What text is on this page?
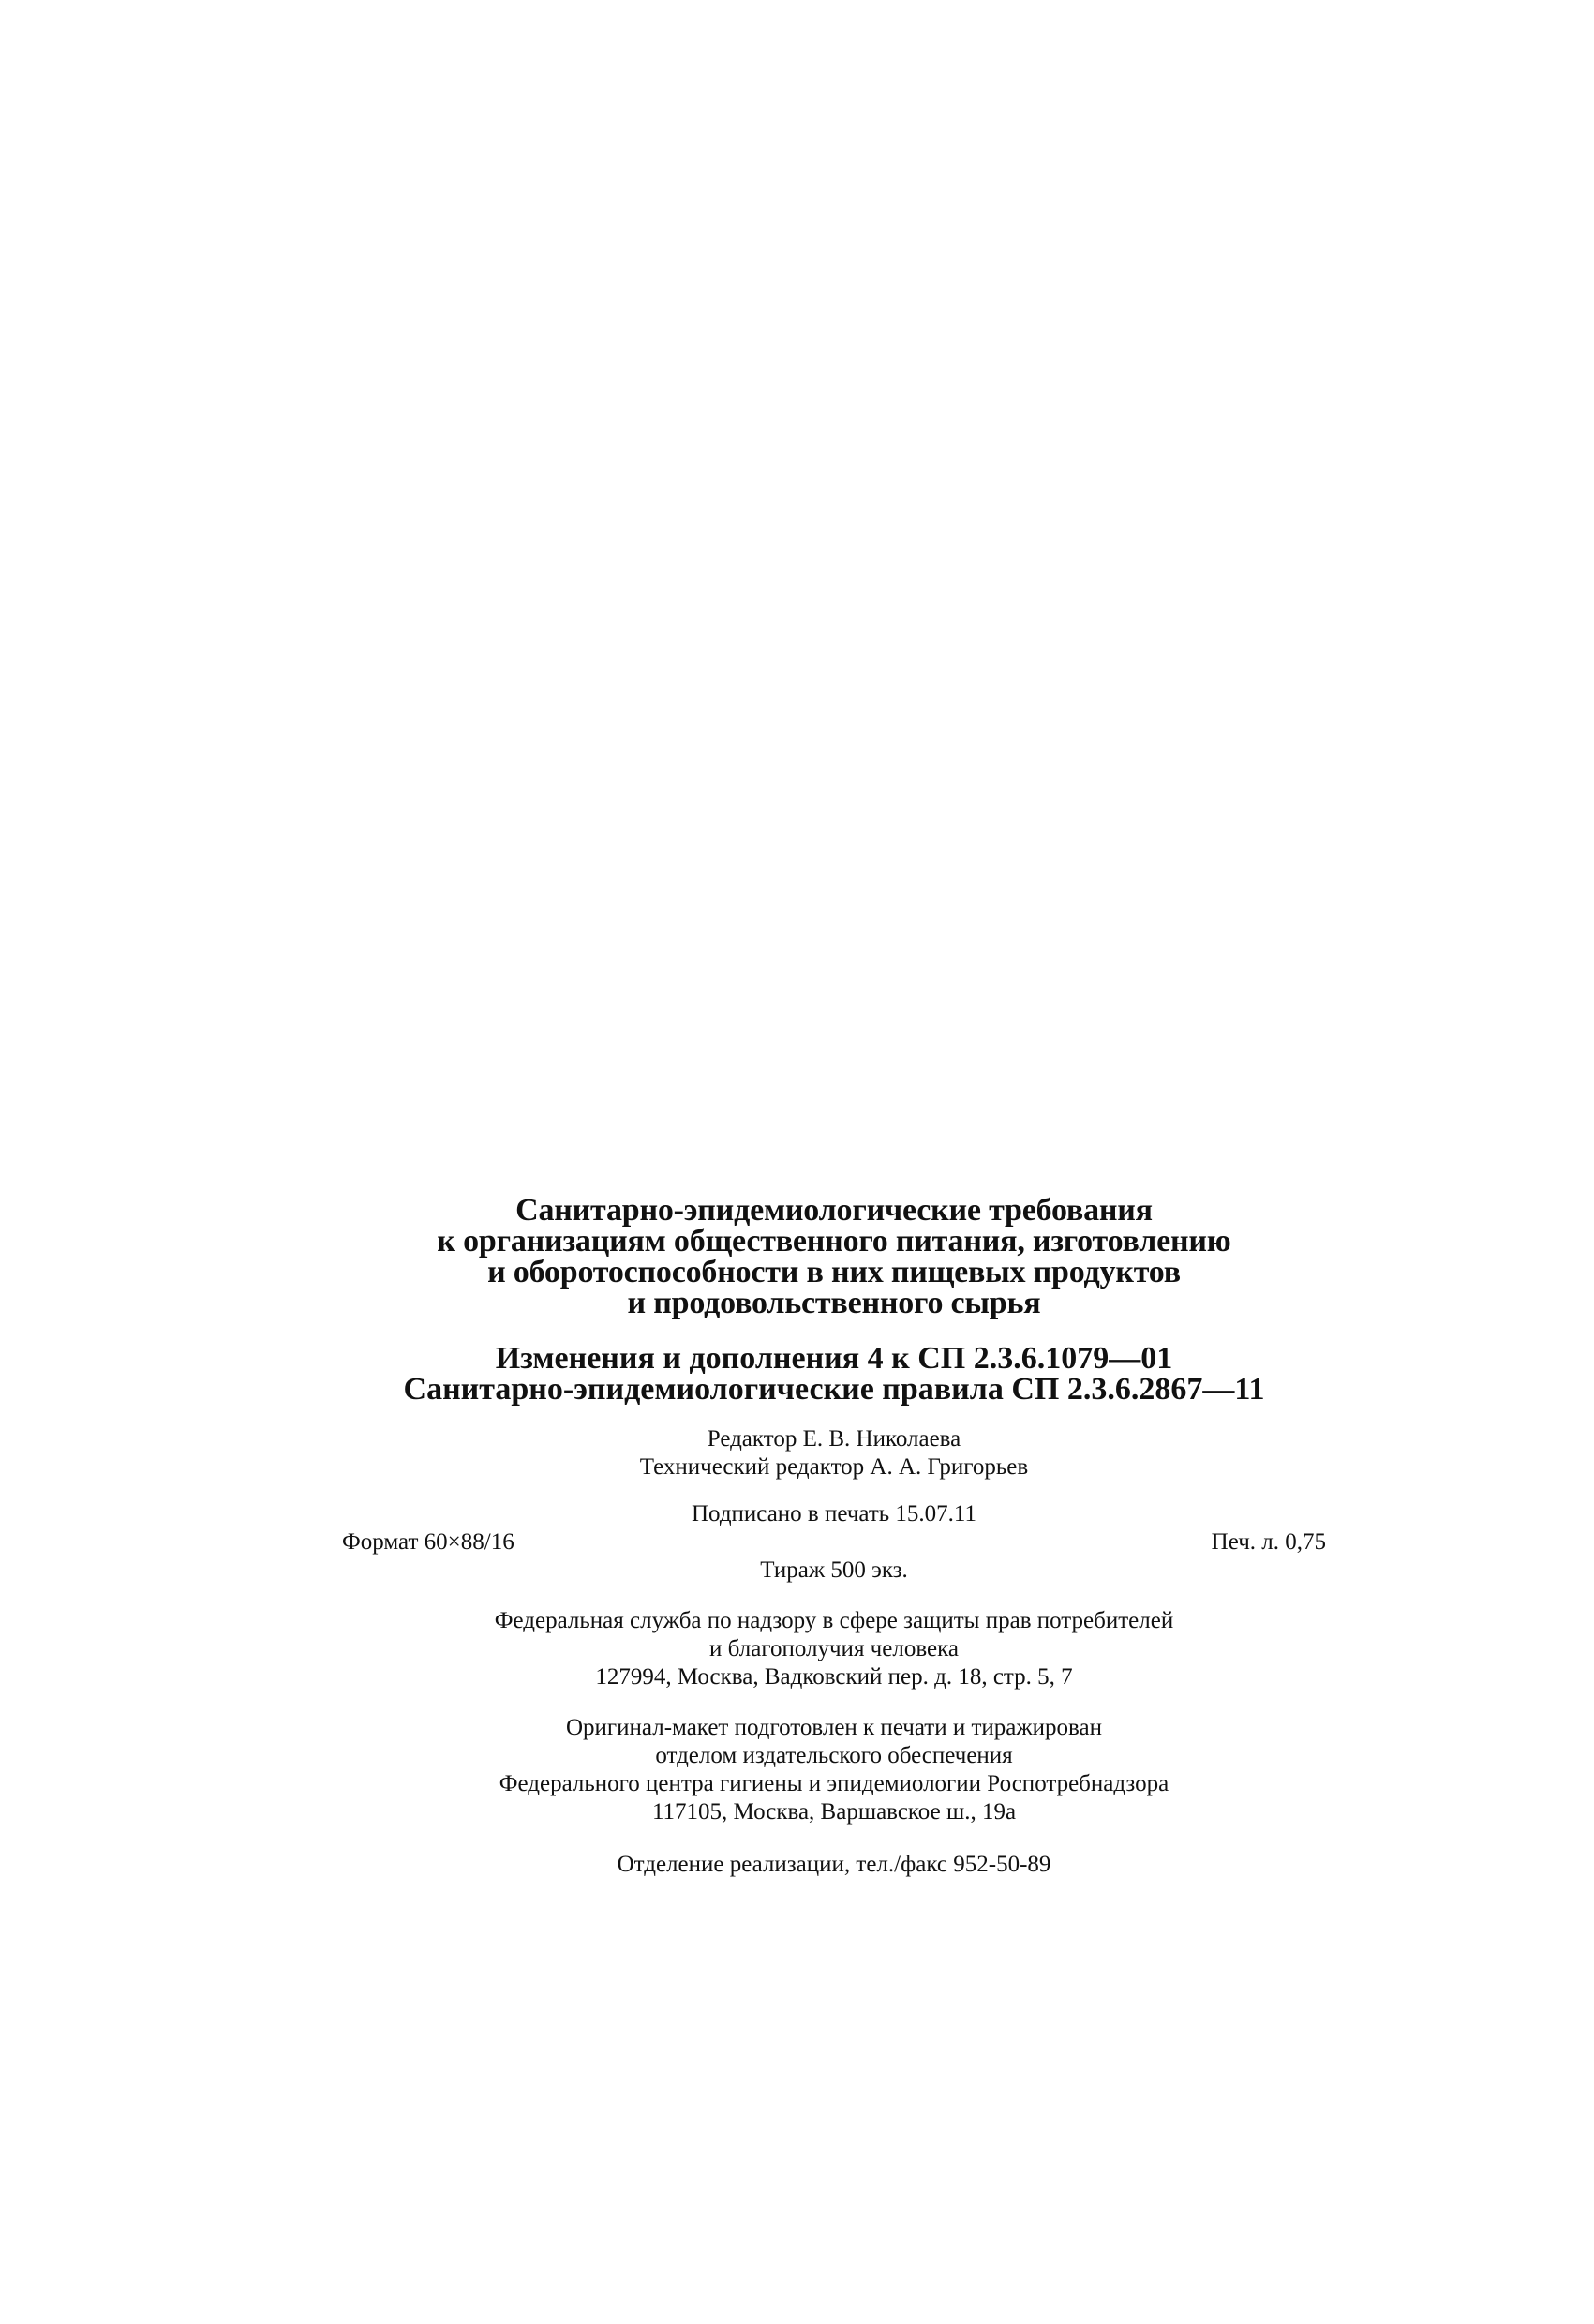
Санитарно-эпидемиологические требования
к организациям общественного питания, изготовлению
и оборотоспособности в них пищевых продуктов
и продовольственного сырья
Изменения и дополнения 4 к СП 2.3.6.1079—01
Санитарно-эпидемиологические правила СП 2.3.6.2867—11
Редактор Е. В. Николаева
Технический редактор А. А. Григорьев
Подписано в печать 15.07.11
Формат 60×88/16	Печ. л. 0,75
Тираж 500 экз.
Федеральная служба по надзору в сфере защиты прав потребителей
и благополучия человека
127994, Москва, Вадковский пер. д. 18, стр. 5, 7
Оригинал-макет подготовлен к печати и тиражирован
отделом издательского обеспечения
Федерального центра гигиены и эпидемиологии Роспотребнадзора
117105, Москва, Варшавское ш., 19а
Отделение реализации, тел./факс 952-50-89
